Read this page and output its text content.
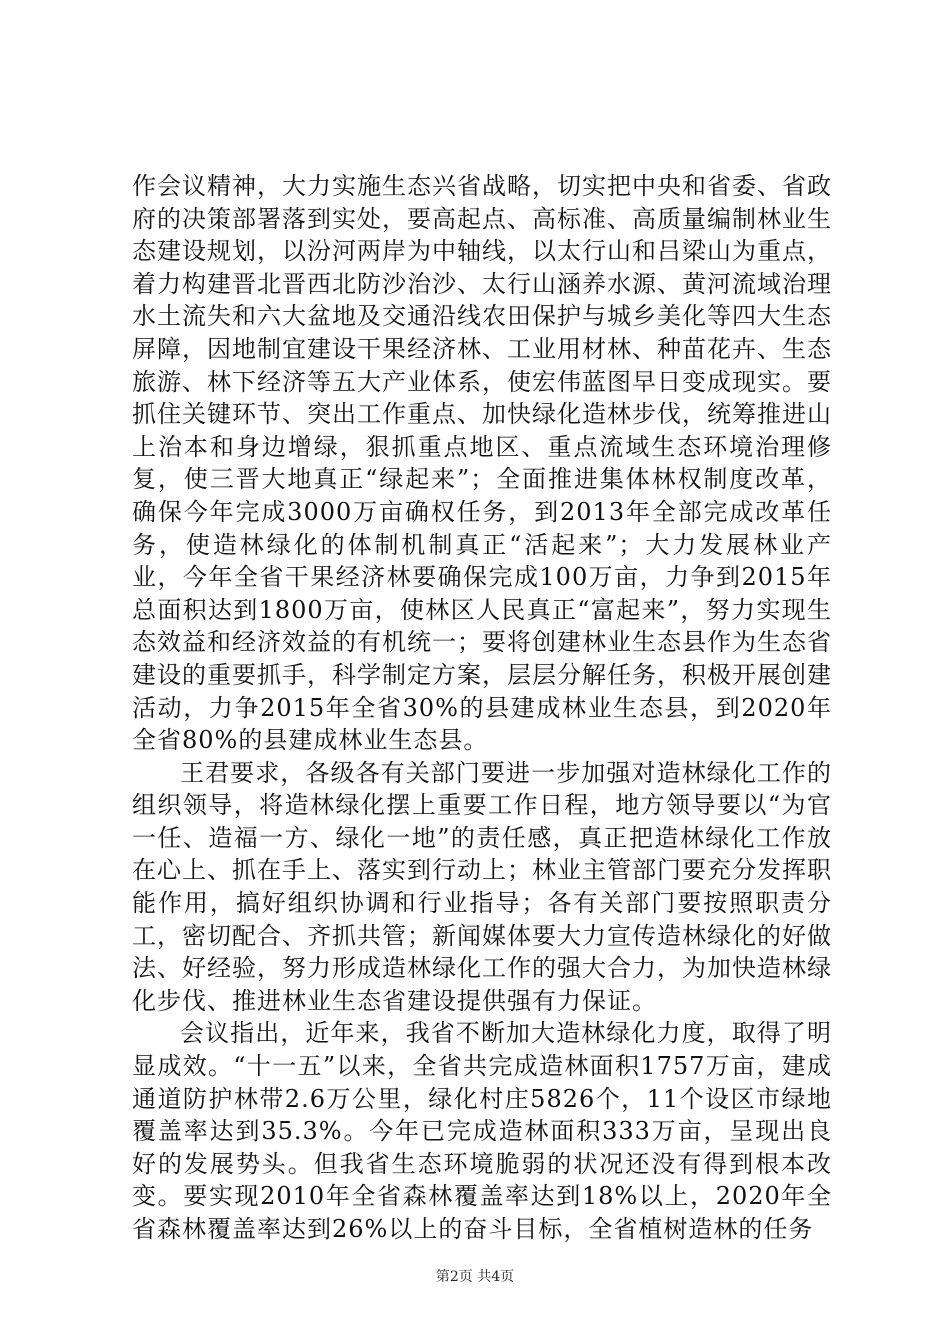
作会议精神，大力实施生态兴省战略，切实把中央和省委、省政府的决策部署落到实处，要高起点、高标准、高质量编制林业生态建设规划，以汾河两岸为中轴线，以太行山和吕梁山为重点，着力构建晋北晋西北防沙治沙、太行山涵养水源、黄河流域治理水土流失和六大盆地及交通沿线农田保护与城乡美化等四大生态屏障，因地制宜建设干果经济林、工业用材林、种苗花卉、生态旅游、林下经济等五大产业体系，使宏伟蓝图早日变成现实。要抓住关键环节、突出工作重点、加快绿化造林步伐，统筹推进山上治本和身边增绿，狠抓重点地区、重点流域生态环境治理修复，使三晋大地真正“绿起来”；全面推进集体林权制度改革，确保今年完成3000万亩确权任务，到2013年全部完成改革任务，使造林绿化的体制机制真正“活起来”；大力发展林业产业，今年全省干果经济林要确保完成100万亩，力争到2015年总面积达到1800万亩，使林区人民真正“富起来”，努力实现生态效益和经济效益的有机统一；要将创建林业生态县作为生态省建设的重要抓手，科学制定方案，层层分解任务，积极开展创建活动，力争2015年全省30%的县建成林业生态县，到2020年全省80%的县建成林业生态县。

王君要求，各级各有关部门要进一步加强对造林绿化工作的组织领导，将造林绿化摆上重要工作日程，地方领导要以“为官一任、造福一方、绿化一地”的责任感，真正把造林绿化工作放在心上、抓在手上、落实到行动上；林业主管部门要充分发挥职能作用，搞好组织协调和行业指导；各有关部门要按照职责分工，密切配合、齐抓共管；新闻媒体要大力宣传造林绿化的好做法、好经验，努力形成造林绿化工作的强大合力，为加快造林绿化步伐、推进林业生态省建设提供强有力保证。

会议指出，近年来，我省不断加大造林绿化力度，取得了明显成效。“十一五”以来，全省共完成造林面积1757万亩，建成通道防护林带2.6万公里，绿化村庄5826个，11个设区市绿地覆盖率达到35.3%。今年已完成造林面积333万亩，呈现出良好的发展势头。但我省生态环境脆弱的状况还没有得到根本改变。要实现2010年全省森林覆盖率达到18%以上，2020年全省森林覆盖率达到26%以上的奋斗目标，全省植树造林的任务

第2页 共4页
